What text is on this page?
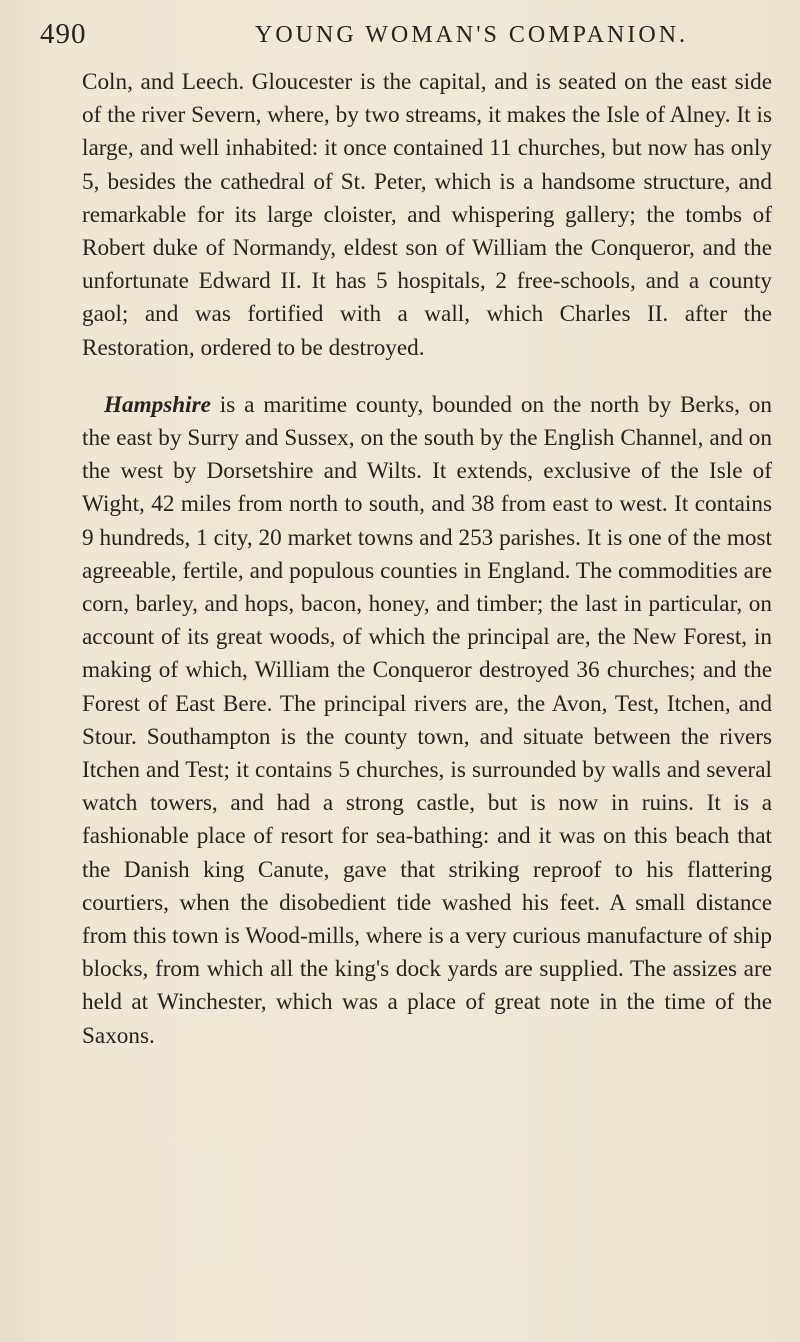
490	YOUNG WOMAN'S COMPANION.

Coln, and Leech. Gloucester is the capital, and is seated on the east side of the river Severn, where, by two streams, it makes the Isle of Alney. It is large, and well inhabited: it once contained 11 churches, but now has only 5, besides the cathedral of St. Peter, which is a handsome structure, and remarkable for its large cloister, and whispering gallery; the tombs of Robert duke of Normandy, eldest son of William the Conqueror, and the unfortunate Edward II. It has 5 hospitals, 2 free-schools, and a county gaol; and was fortified with a wall, which Charles II. after the Restoration, ordered to be destroyed.

Hampshire is a maritime county, bounded on the north by Berks, on the east by Surry and Sussex, on the south by the English Channel, and on the west by Dorsetshire and Wilts. It extends, exclusive of the Isle of Wight, 42 miles from north to south, and 38 from east to west. It contains 9 hundreds, 1 city, 20 market towns and 253 parishes. It is one of the most agreeable, fertile, and populous counties in England. The commodities are corn, barley, and hops, bacon, honey, and timber; the last in particular, on account of its great woods, of which the principal are, the New Forest, in making of which, William the Conqueror destroyed 36 churches; and the Forest of East Bere. The principal rivers are, the Avon, Test, Itchen, and Stour. Southampton is the county town, and situate between the rivers Itchen and Test; it contains 5 churches, is surrounded by walls and several watch towers, and had a strong castle, but is now in ruins. It is a fashionable place of resort for sea-bathing: and it was on this beach that the Danish king Canute, gave that striking reproof to his flattering courtiers, when the disobedient tide washed his feet. A small distance from this town is Wood-mills, where is a very curious manufacture of ship blocks, from which all the king's dock yards are supplied. The assizes are held at Winchester, which was a place of great note in the time of the Saxons.
